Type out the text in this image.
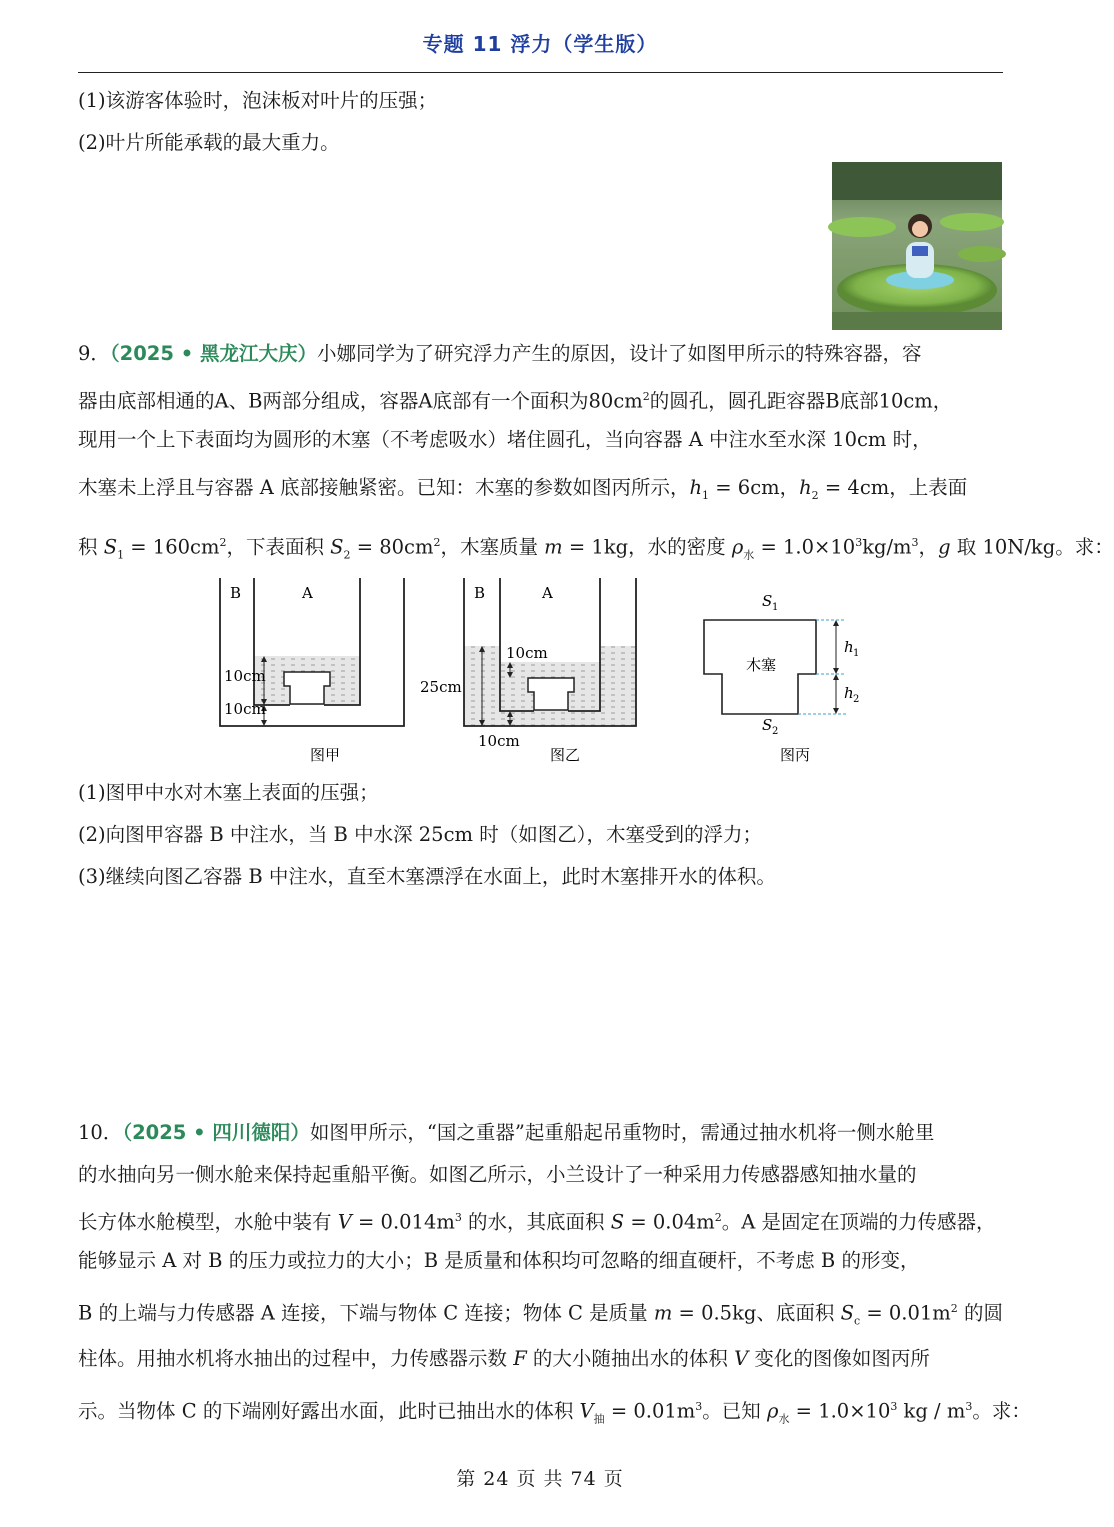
专题 11 浮力（学生版）
(1)该游客体验时，泡沫板对叶片的压强；
(2)叶片所能承载的最大重力。
9．（2025 • 黑龙江大庆）小娜同学为了研究浮力产生的原因，设计了如图甲所示的特殊容器，容
器由底部相通的A、B两部分组成，容器A底部有一个面积为$80cm^2$的圆孔，圆孔距容器B底部10cm，
现用一个上下表面均为圆形的木塞（不考虑吸水）堵住圆孔，当向容器 A 中注水至水深 10cm 时，
木塞未上浮且与容器 A 底部接触紧密。已知：木塞的参数如图丙所示，$h_1 = 6cm$，$h_2 = 4cm$，上表面
积 $S_1 = 160cm^2$，下表面积 $S_2 = 80cm^2$，木塞质量 m = 1kg，水的密度 $\rho_水 = 1.0\times 10^3kg/m^3$，g 取 10N/kg。求：
B	A
10cm
10cm
图甲
B	A
10cm
25cm
10cm
图乙
木塞
S 1
S 2
h 1
h 2
图丙
(1)图甲中水对木塞上表面的压强；
(2)向图甲容器 B 中注水，当 B 中水深 25cm 时（如图乙），木塞受到的浮力；
(3)继续向图乙容器 B 中注水，直至木塞漂浮在水面上，此时木塞排开水的体积。
10．（2025 • 四川德阳）如图甲所示，“国之重器”起重船起吊重物时，需通过抽水机将一侧水舱里
的水抽向另一侧水舱来保持起重船平衡。如图乙所示，小兰设计了一种采用力传感器感知抽水量的
长方体水舱模型，水舱中装有 $V = 0.014m^3$ 的水，其底面积 $S = 0.04m^2$。A 是固定在顶端的力传感器，
能够显示 A 对 B 的压力或拉力的大小；B 是质量和体积均可忽略的细直硬杆，不考虑 B 的形变，
B 的上端与力传感器 A 连接，下端与物体 C 连接；物体 C 是质量 m = 0.5kg、底面积 $S_c = 0.01m^2$ 的圆
柱体。用抽水机将水抽出的过程中，力传感器示数 F 的大小随抽出水的体积 V 变化的图像如图丙所
示。当物体 C 的下端刚好露出水面，此时已抽出水的体积 $V_抽 = 0.01m^3$。已知 $\rho_水 = 1.0\times 10^3$ kg / $m^3$。求：
第 24 页 共 74 页
